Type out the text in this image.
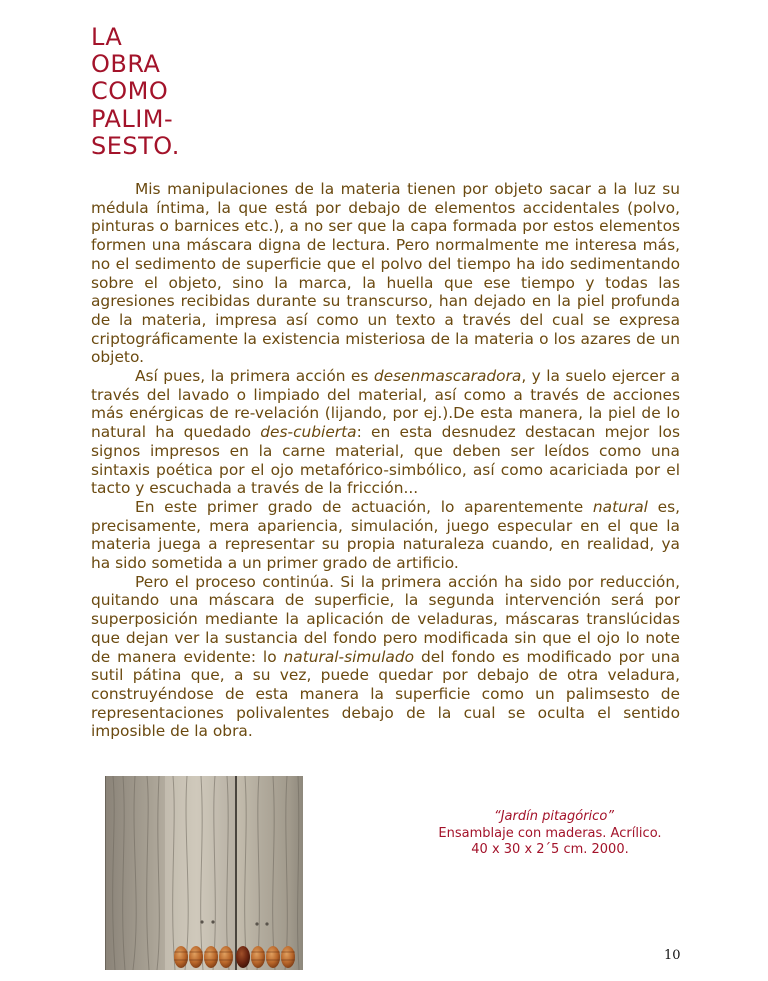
LA
OBRA
COMO
PALIM-
SESTO.

Mis manipulaciones de la materia tienen por objeto sacar a la luz su médula íntima, la que está por debajo de elementos accidentales (polvo, pinturas o barnices etc.), a no ser que la capa formada por estos elementos formen una máscara digna de lectura. Pero normalmente me interesa más, no el sedimento de superficie que el polvo del tiempo ha ido sedimentando sobre el objeto, sino la marca, la huella que ese tiempo y todas las agresiones recibidas durante su transcurso, han dejado en la piel profunda de la materia, impresa así como un texto a través del cual se expresa criptográficamente la existencia misteriosa de la materia o los azares de un objeto.

Así pues, la primera acción es desenmascaradora, y la suelo ejercer a través del lavado o limpiado del material, así como a través de acciones más enérgicas de re-velación (lijando, por ej.).De esta manera, la piel de lo natural ha quedado des-cubierta: en esta desnudez destacan mejor los signos impresos en la carne material, que deben ser leídos como una sintaxis poética por el ojo metafórico-simbólico, así como acariciada por el tacto y escuchada a través de la fricción...

En este primer grado de actuación, lo aparentemente natural es, precisamente, mera apariencia, simulación, juego especular en el que la materia juega a representar su propia naturaleza cuando, en realidad, ya ha sido sometida a un primer grado de artificio.

Pero el proceso continúa. Si la primera acción ha sido por reducción, quitando una máscara de superficie, la segunda intervención será por superposición mediante la aplicación de veladuras, máscaras translúcidas que dejan ver la sustancia del fondo pero modificada sin que el ojo lo note de manera evidente: lo natural-simulado del fondo es modificado por una sutil pátina que, a su vez, puede quedar por debajo de otra veladura, construyéndose de esta manera la superficie como un palimsesto de representaciones polivalentes debajo de la cual se oculta el sentido imposible de la obra.

“Jardín pitagórico”
Ensamblaje con maderas. Acrílico.
40 x 30 x 2´5 cm. 2000.
10
